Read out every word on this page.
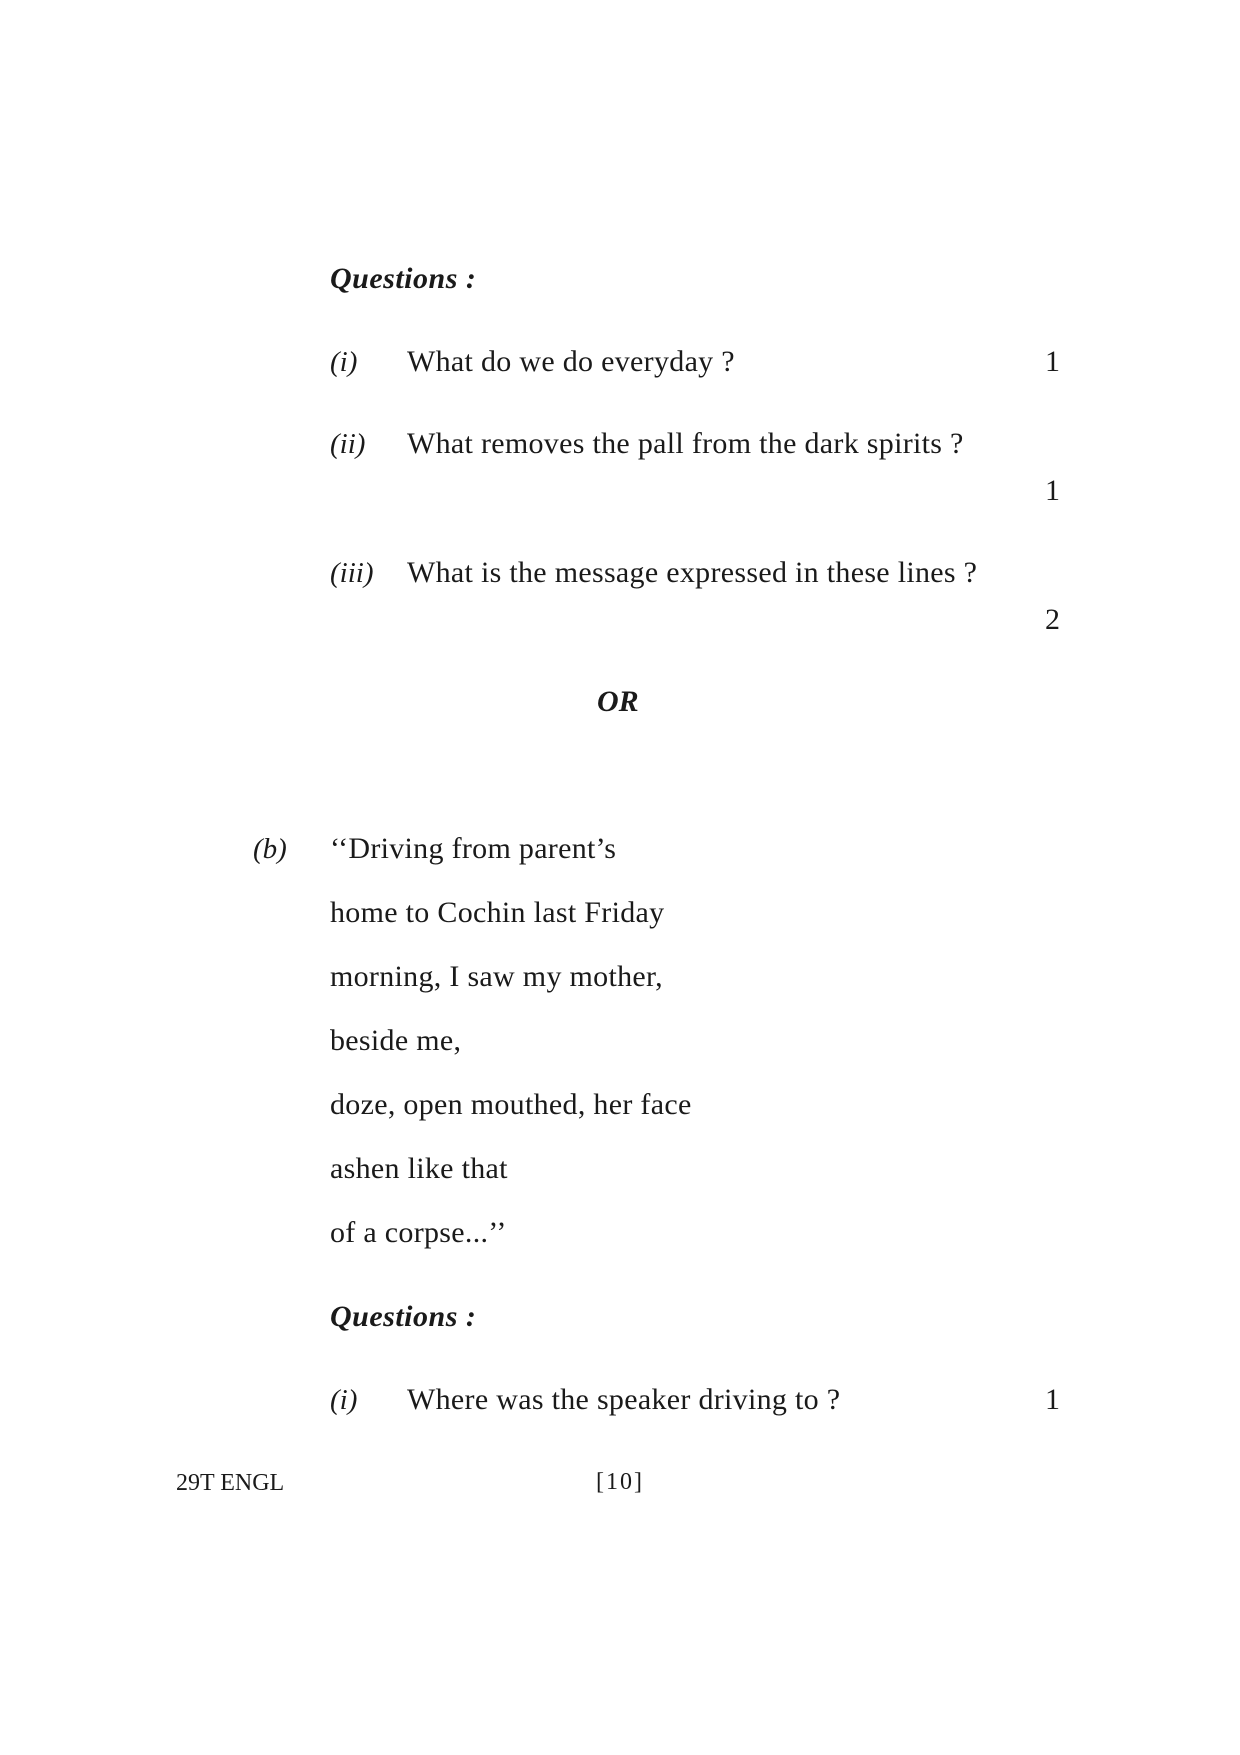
Questions :
(i) What do we do everyday ?	1
(ii) What removes the pall from the dark spirits ?
1
(iii) What is the message expressed in these lines ?
2
OR
(b) ‘‘Driving from parent’s
home to Cochin last Friday
morning, I saw my mother,
beside me,
doze, open mouthed, her face
ashen like that
of a corpse...’’
Questions :
(i) Where was the speaker driving to ?	1
29T ENGL	[10]
